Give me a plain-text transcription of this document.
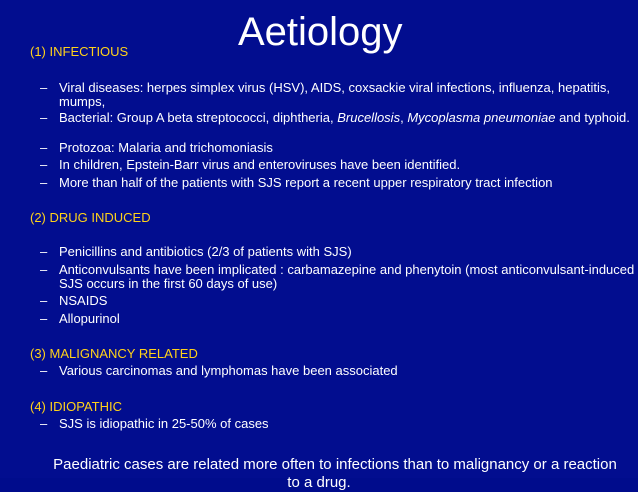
Aetiology
(1) INFECTIOUS
– Viral diseases: herpes simplex virus (HSV), AIDS, coxsackie viral infections, influenza, hepatitis, mumps,
– Bacterial: Group A beta streptococci, diphtheria, Brucellosis, Mycoplasma pneumoniae and typhoid.
– Protozoa: Malaria and trichomoniasis
– In children, Epstein-Barr virus and enteroviruses have been identified.
– More than half of the patients with SJS report a recent upper respiratory tract infection
(2) DRUG INDUCED
– Penicillins and antibiotics (2/3 of patients with SJS)
– Anticonvulsants have been implicated : carbamazepine and phenytoin (most anticonvulsant-induced SJS occurs in the first 60 days of use)
– NSAIDS
– Allopurinol
(3) MALIGNANCY RELATED
– Various carcinomas and lymphomas have been associated
(4) IDIOPATHIC
– SJS is idiopathic in 25-50% of cases
Paediatric cases are related more often to infections than to malignancy or a reaction
to a drug.
